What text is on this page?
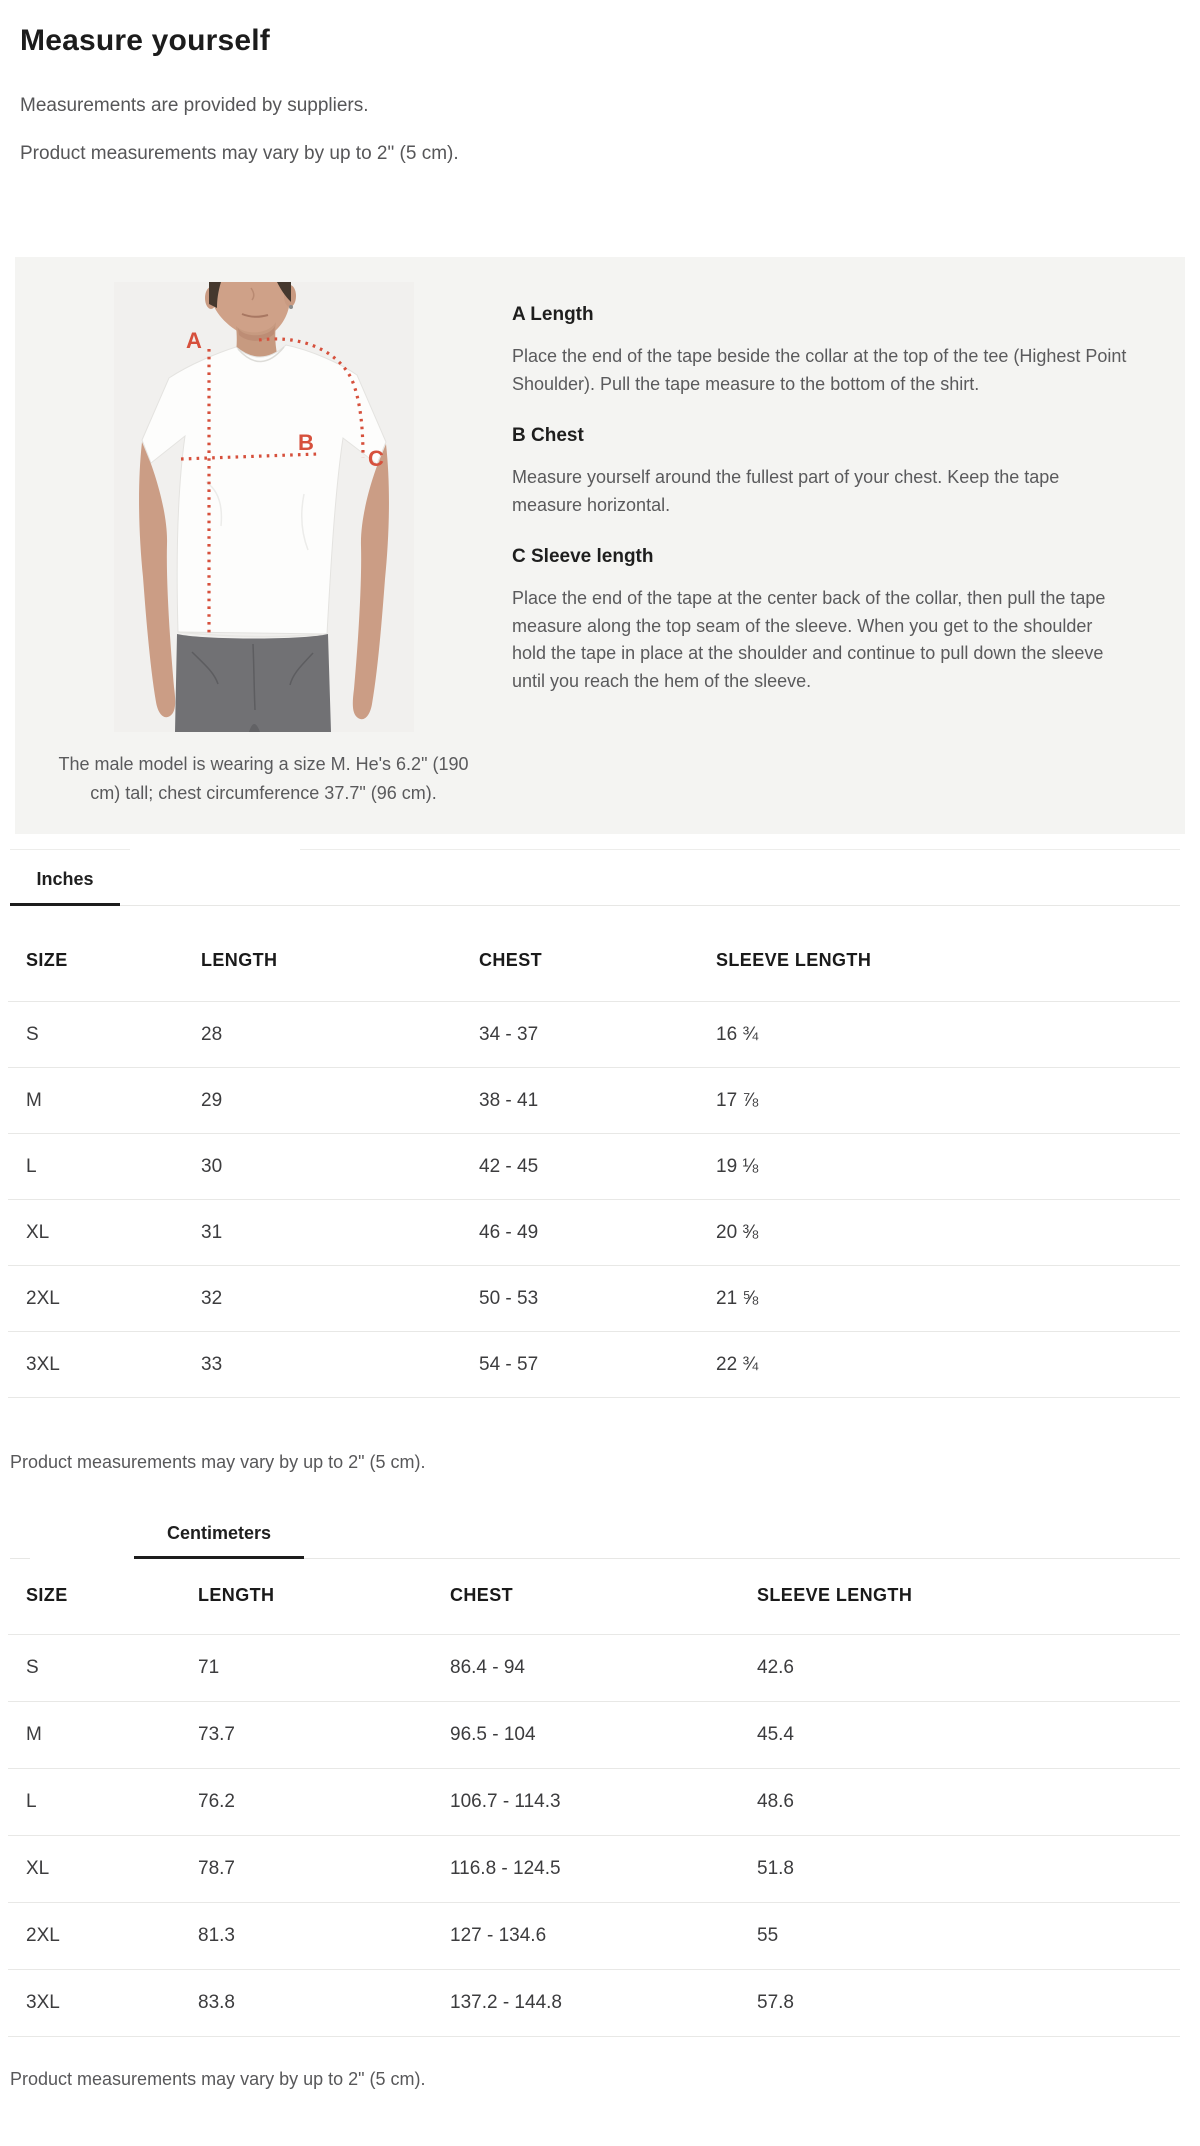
Measure yourself

Measurements are provided by suppliers.

Product measurements may vary by up to 2" (5 cm).

A
B
C

The male model is wearing a size M. He's 6.2" (190 cm) tall; chest circumference 37.7" (96 cm).

A Length

Place the end of the tape beside the collar at the top of the tee (Highest Point Shoulder). Pull the tape measure to the bottom of the shirt.

B Chest

Measure yourself around the fullest part of your chest. Keep the tape measure horizontal.

C Sleeve length

Place the end of the tape at the center back of the collar, then pull the tape measure along the top seam of the sleeve. When you get to the shoulder hold the tape in place at the shoulder and continue to pull down the sleeve until you reach the hem of the sleeve.

Inches
SIZE	LENGTH	CHEST	SLEEVE LENGTH
S	28	34 - 37	16 ¾
M	29	38 - 41	17 ⅞
L	30	42 - 45	19 ⅛
XL	31	46 - 49	20 ⅜
2XL	32	50 - 53	21 ⅝
3XL	33	54 - 57	22 ¾

Product measurements may vary by up to 2" (5 cm).

Centimeters
SIZE	LENGTH	CHEST	SLEEVE LENGTH
S	71	86.4 - 94	42.6
M	73.7	96.5 - 104	45.4
L	76.2	106.7 - 114.3	48.6
XL	78.7	116.8 - 124.5	51.8
2XL	81.3	127 - 134.6	55
3XL	83.8	137.2 - 144.8	57.8

Product measurements may vary by up to 2" (5 cm).
